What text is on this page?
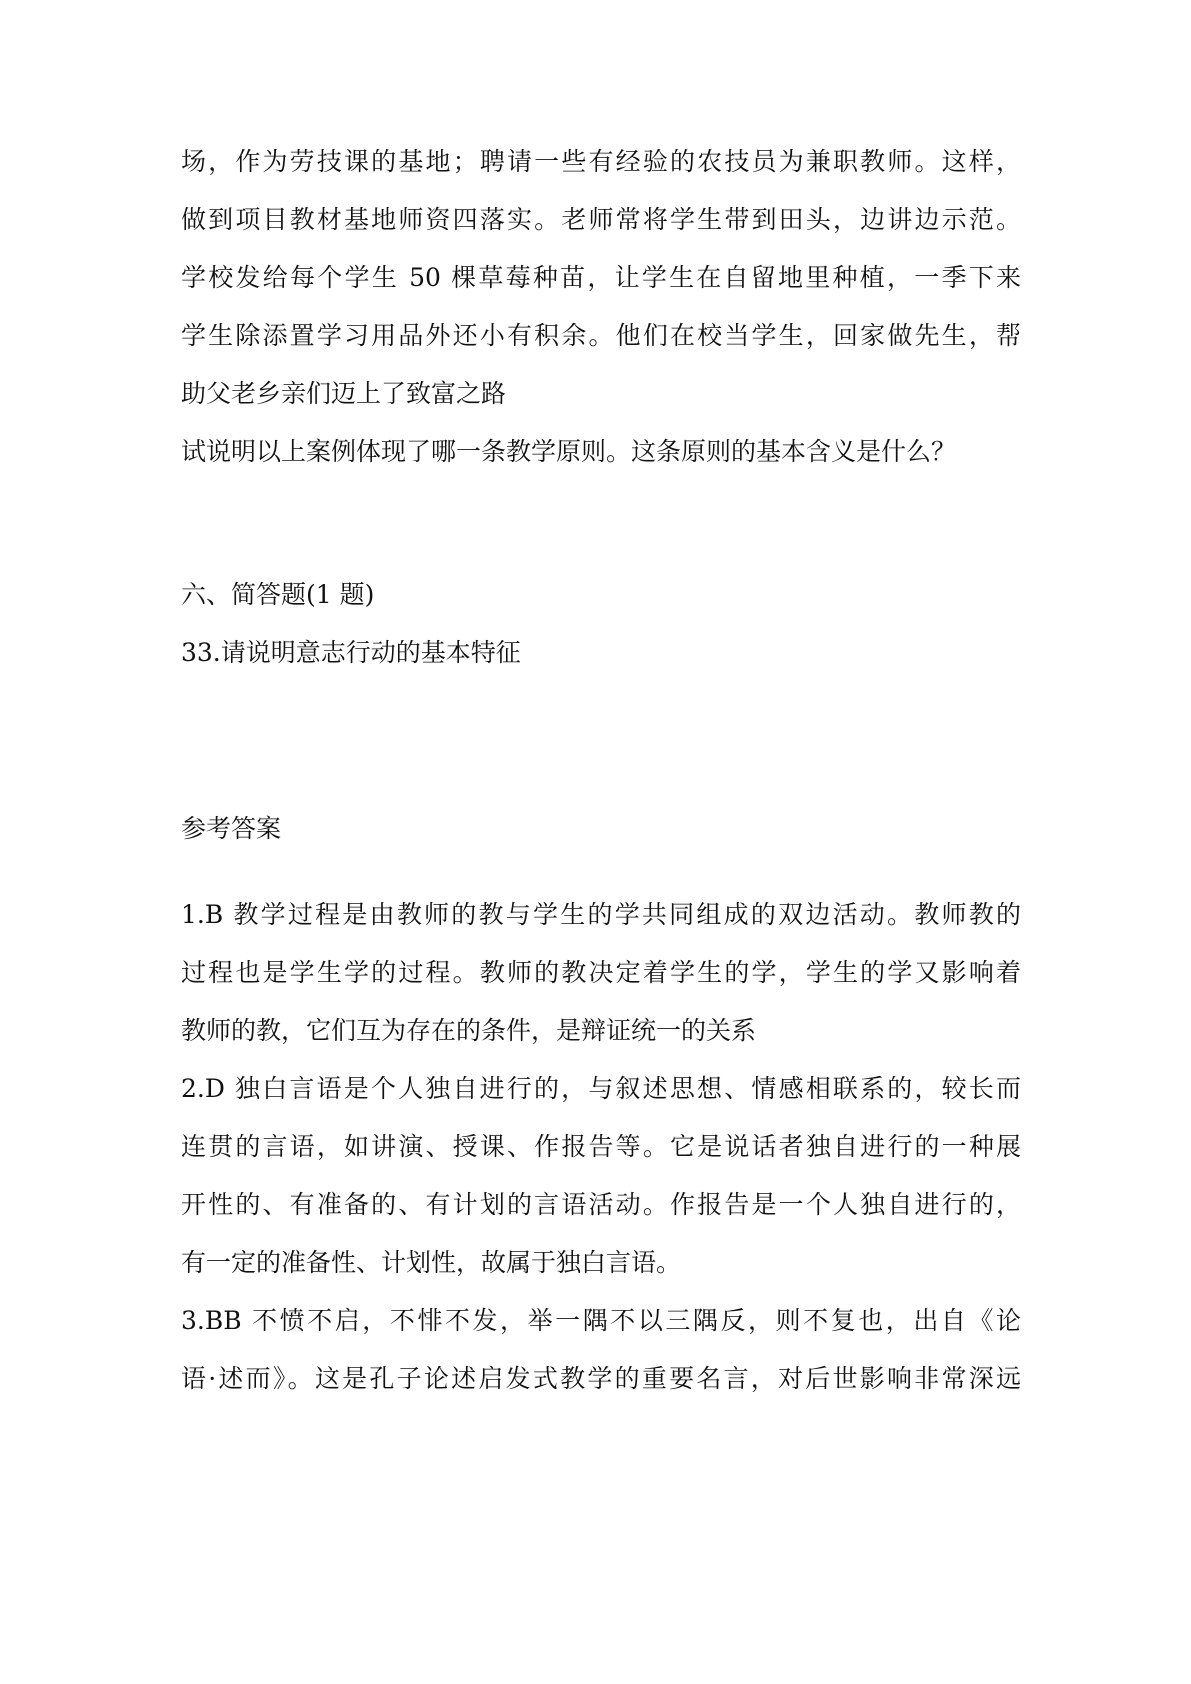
场，作为劳技课的基地；聘请一些有经验的农技员为兼职教师。这样，
做到项目教材基地师资四落实。老师常将学生带到田头，边讲边示范。
学校发给每个学生 50 棵草莓种苗，让学生在自留地里种植，一季下来
学生除添置学习用品外还小有积余。他们在校当学生，回家做先生，帮
助父老乡亲们迈上了致富之路
试说明以上案例体现了哪一条教学原则。这条原则的基本含义是什么？
六、简答题(1 题)
33.请说明意志行动的基本特征
参考答案
1.B 教学过程是由教师的教与学生的学共同组成的双边活动。教师教的
过程也是学生学的过程。教师的教决定着学生的学，学生的学又影响着
教师的教，它们互为存在的条件，是辩证统一的关系
2.D 独白言语是个人独自进行的，与叙述思想、情感相联系的，较长而
连贯的言语，如讲演、授课、作报告等。它是说话者独自进行的一种展
开性的、有准备的、有计划的言语活动。作报告是一个人独自进行的，
有一定的准备性、计划性，故属于独白言语。
3.BB 不愤不启，不悱不发，举一隅不以三隅反，则不复也，出自《论
语·述而》。这是孔子论述启发式教学的重要名言，对后世影响非常深远
